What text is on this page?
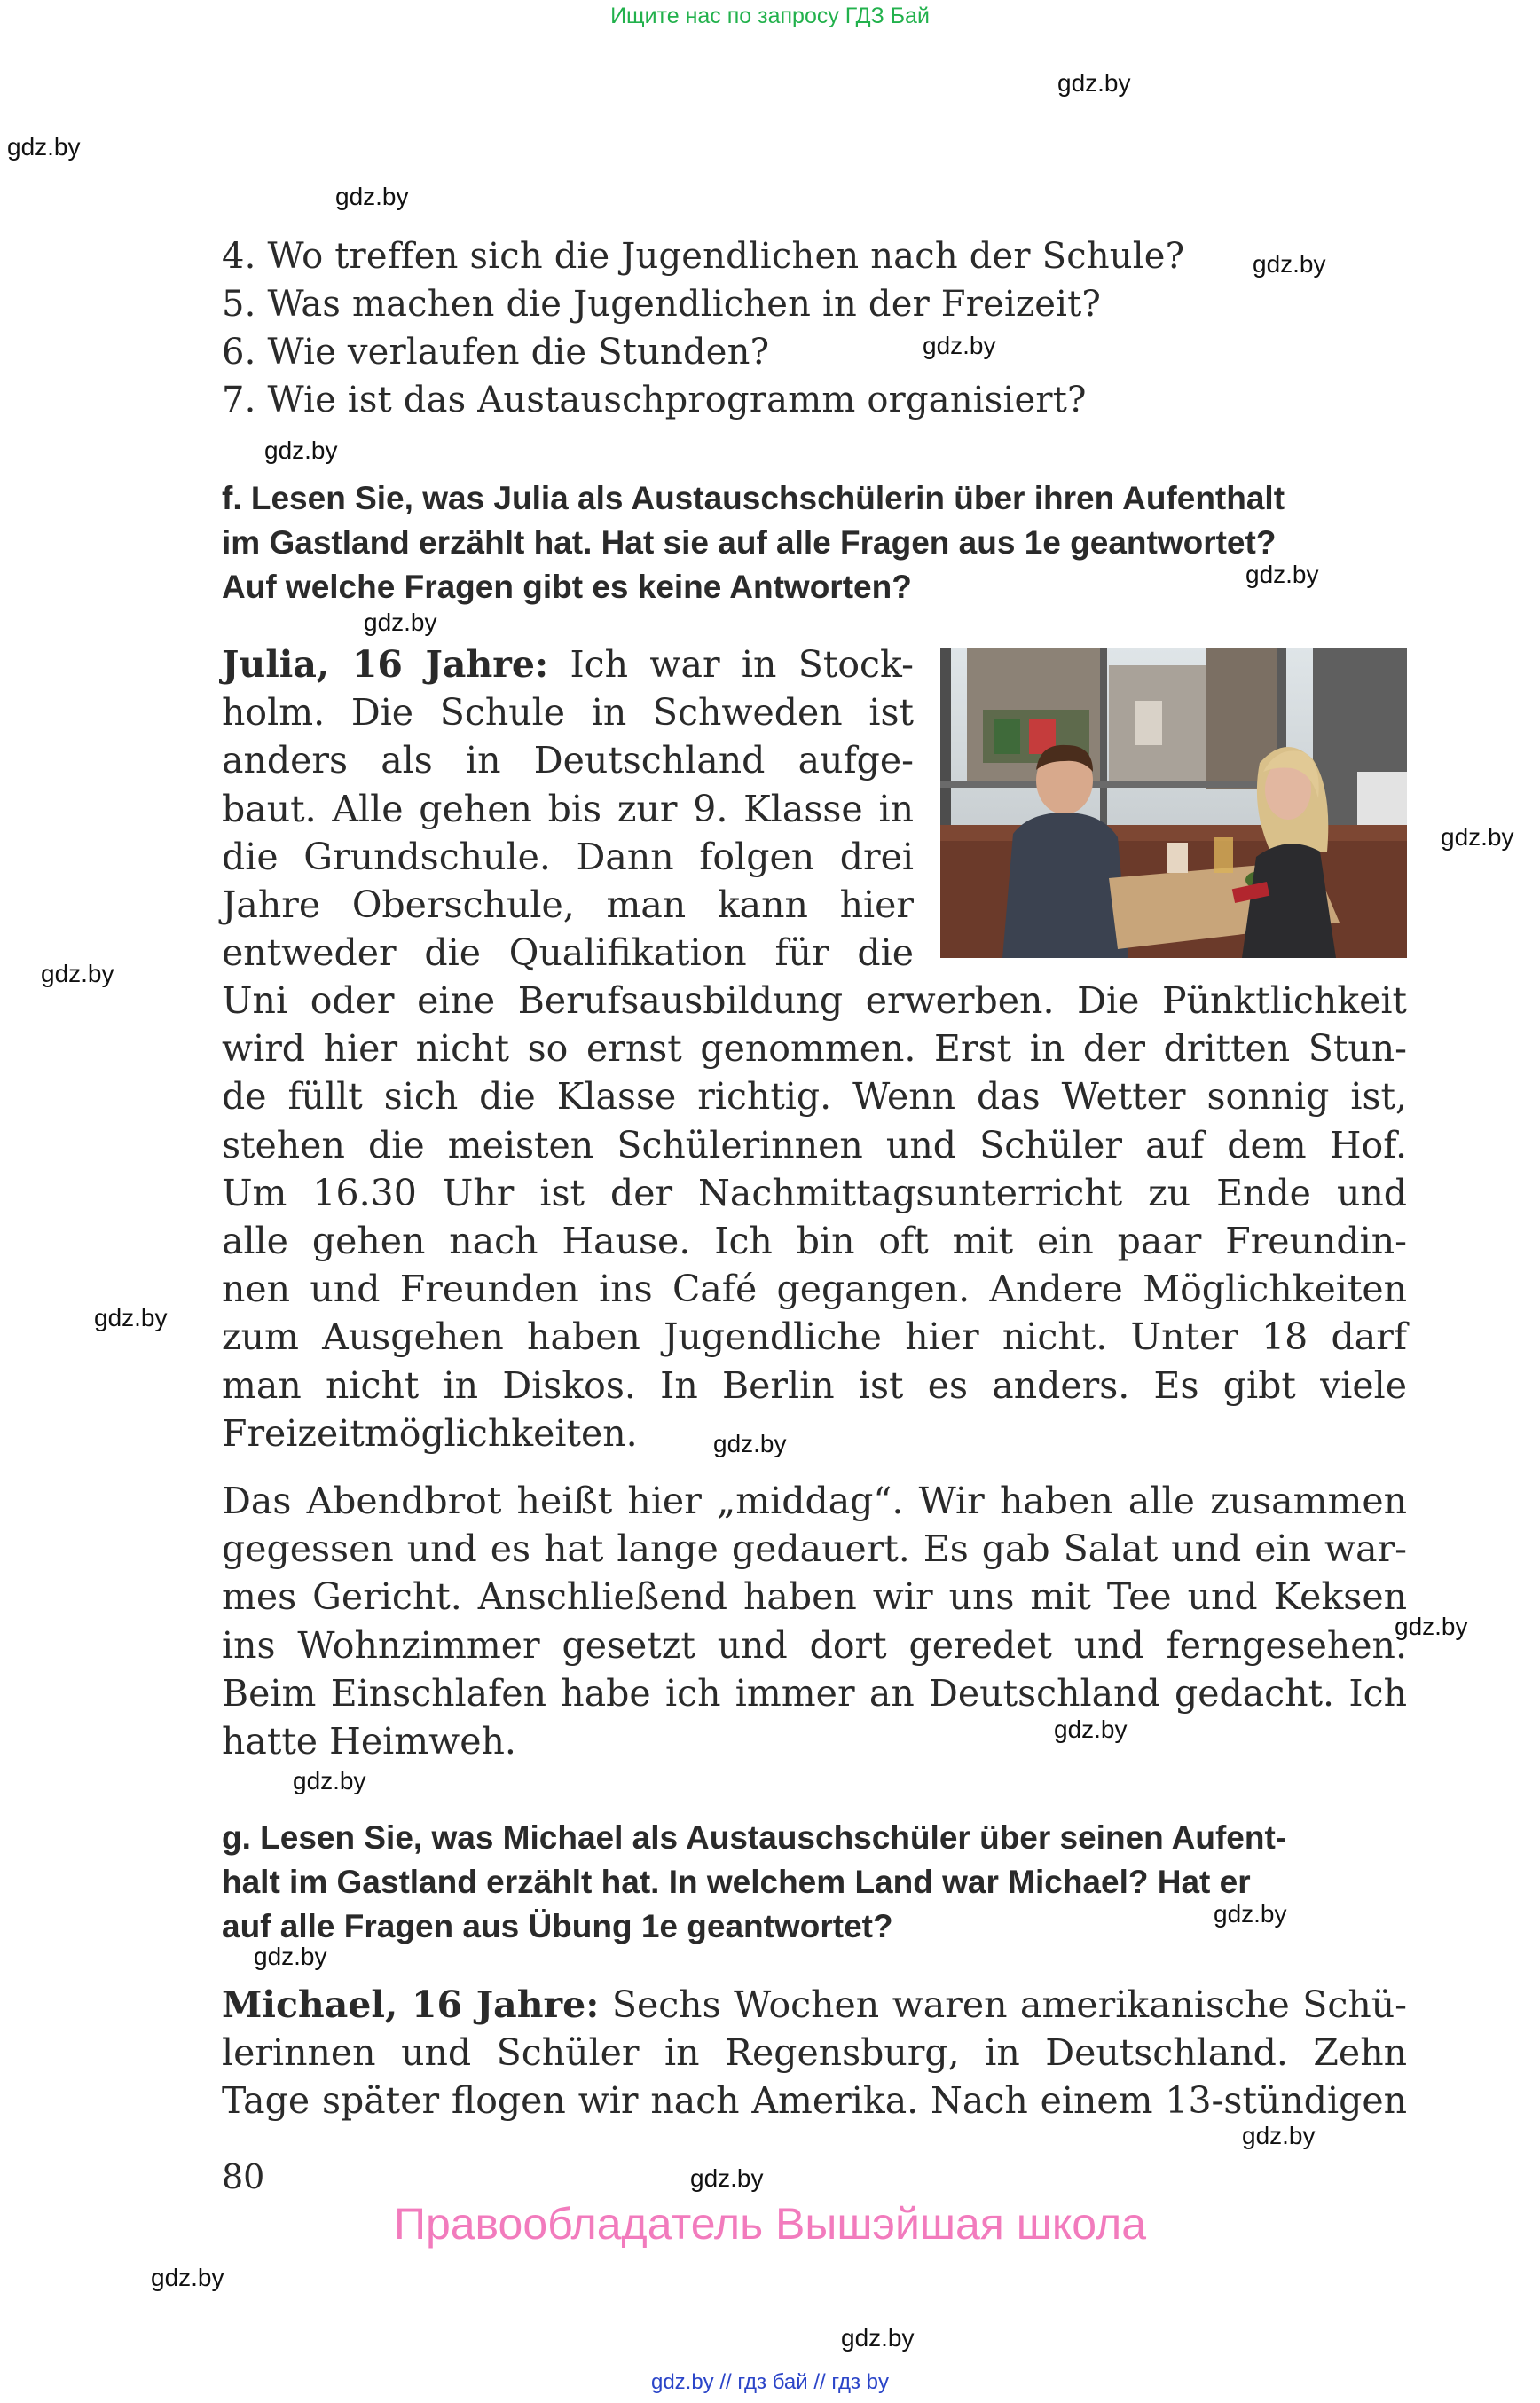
Ищите нас по запросу ГДЗ Бай
gdz.by
gdz.by
gdz.by
gdz.by
gdz.by
gdz.by
gdz.by
gdz.by
gdz.by
gdz.by
gdz.by
gdz.by
gdz.by
gdz.by
gdz.by
gdz.by
gdz.by
gdz.by
gdz.by
gdz.by
gdz.by
4. Wo treffen sich die Jugendlichen nach der Schule?
5. Was machen die Jugendlichen in der Freizeit?
6. Wie verlaufen die Stunden?
7. Wie ist das Austauschprogramm organisiert?

f. Lesen Sie, was Julia als Austauschschülerin über ihren Aufenthalt

im Gastland erzählt hat. Hat sie auf alle Fragen aus 1e geantwortet?

Auf welche Fragen gibt es keine Antworten?

Julia, 16 Jahre: Ich war in Stock-
holm. Die Schule in Schweden ist
anders als in Deutschland aufge-
baut. Alle gehen bis zur 9. Klasse in
die Grundschule. Dann folgen drei
Jahre Oberschule, man kann hier
entweder die Qualifikation für die
Uni oder eine Berufsausbildung erwerben. Die Pünktlichkeit
wird hier nicht so ernst genommen. Erst in der dritten Stun-
de füllt sich die Klasse richtig. Wenn das Wetter sonnig ist,
stehen die meisten Schülerinnen und Schüler auf dem Hof.
Um 16.30 Uhr ist der Nachmittagsunterricht zu Ende und
alle gehen nach Hause. Ich bin oft mit ein paar Freundin-
nen und Freunden ins Café gegangen. Andere Möglichkeiten
zum Ausgehen haben Jugendliche hier nicht. Unter 18 darf
man nicht in Diskos. In Berlin ist es anders. Es gibt viele
Freizeitmöglichkeiten.
Das Abendbrot heißt hier „middag“. Wir haben alle zusammen
gegessen und es hat lange gedauert. Es gab Salat und ein war-
mes Gericht. Anschließend haben wir uns mit Tee und Keksen
ins Wohnzimmer gesetzt und dort geredet und ferngesehen.
Beim Einschlafen habe ich immer an Deutschland gedacht. Ich
hatte Heimweh.

g. Lesen Sie, was Michael als Austauschschüler über seinen Aufent-

halt im Gastland erzählt hat. In welchem Land war Michael? Hat er

auf alle Fragen aus Übung 1e geantwortet?

Michael, 16 Jahre: Sechs Wochen waren amerikanische Schü-
lerinnen und Schüler in Regensburg, in Deutschland. Zehn
Tage später flogen wir nach Amerika. Nach einem 13-stündigen
80
Правообладатель Вышэйшая школа
gdz.by // гдз бай // гдз by
